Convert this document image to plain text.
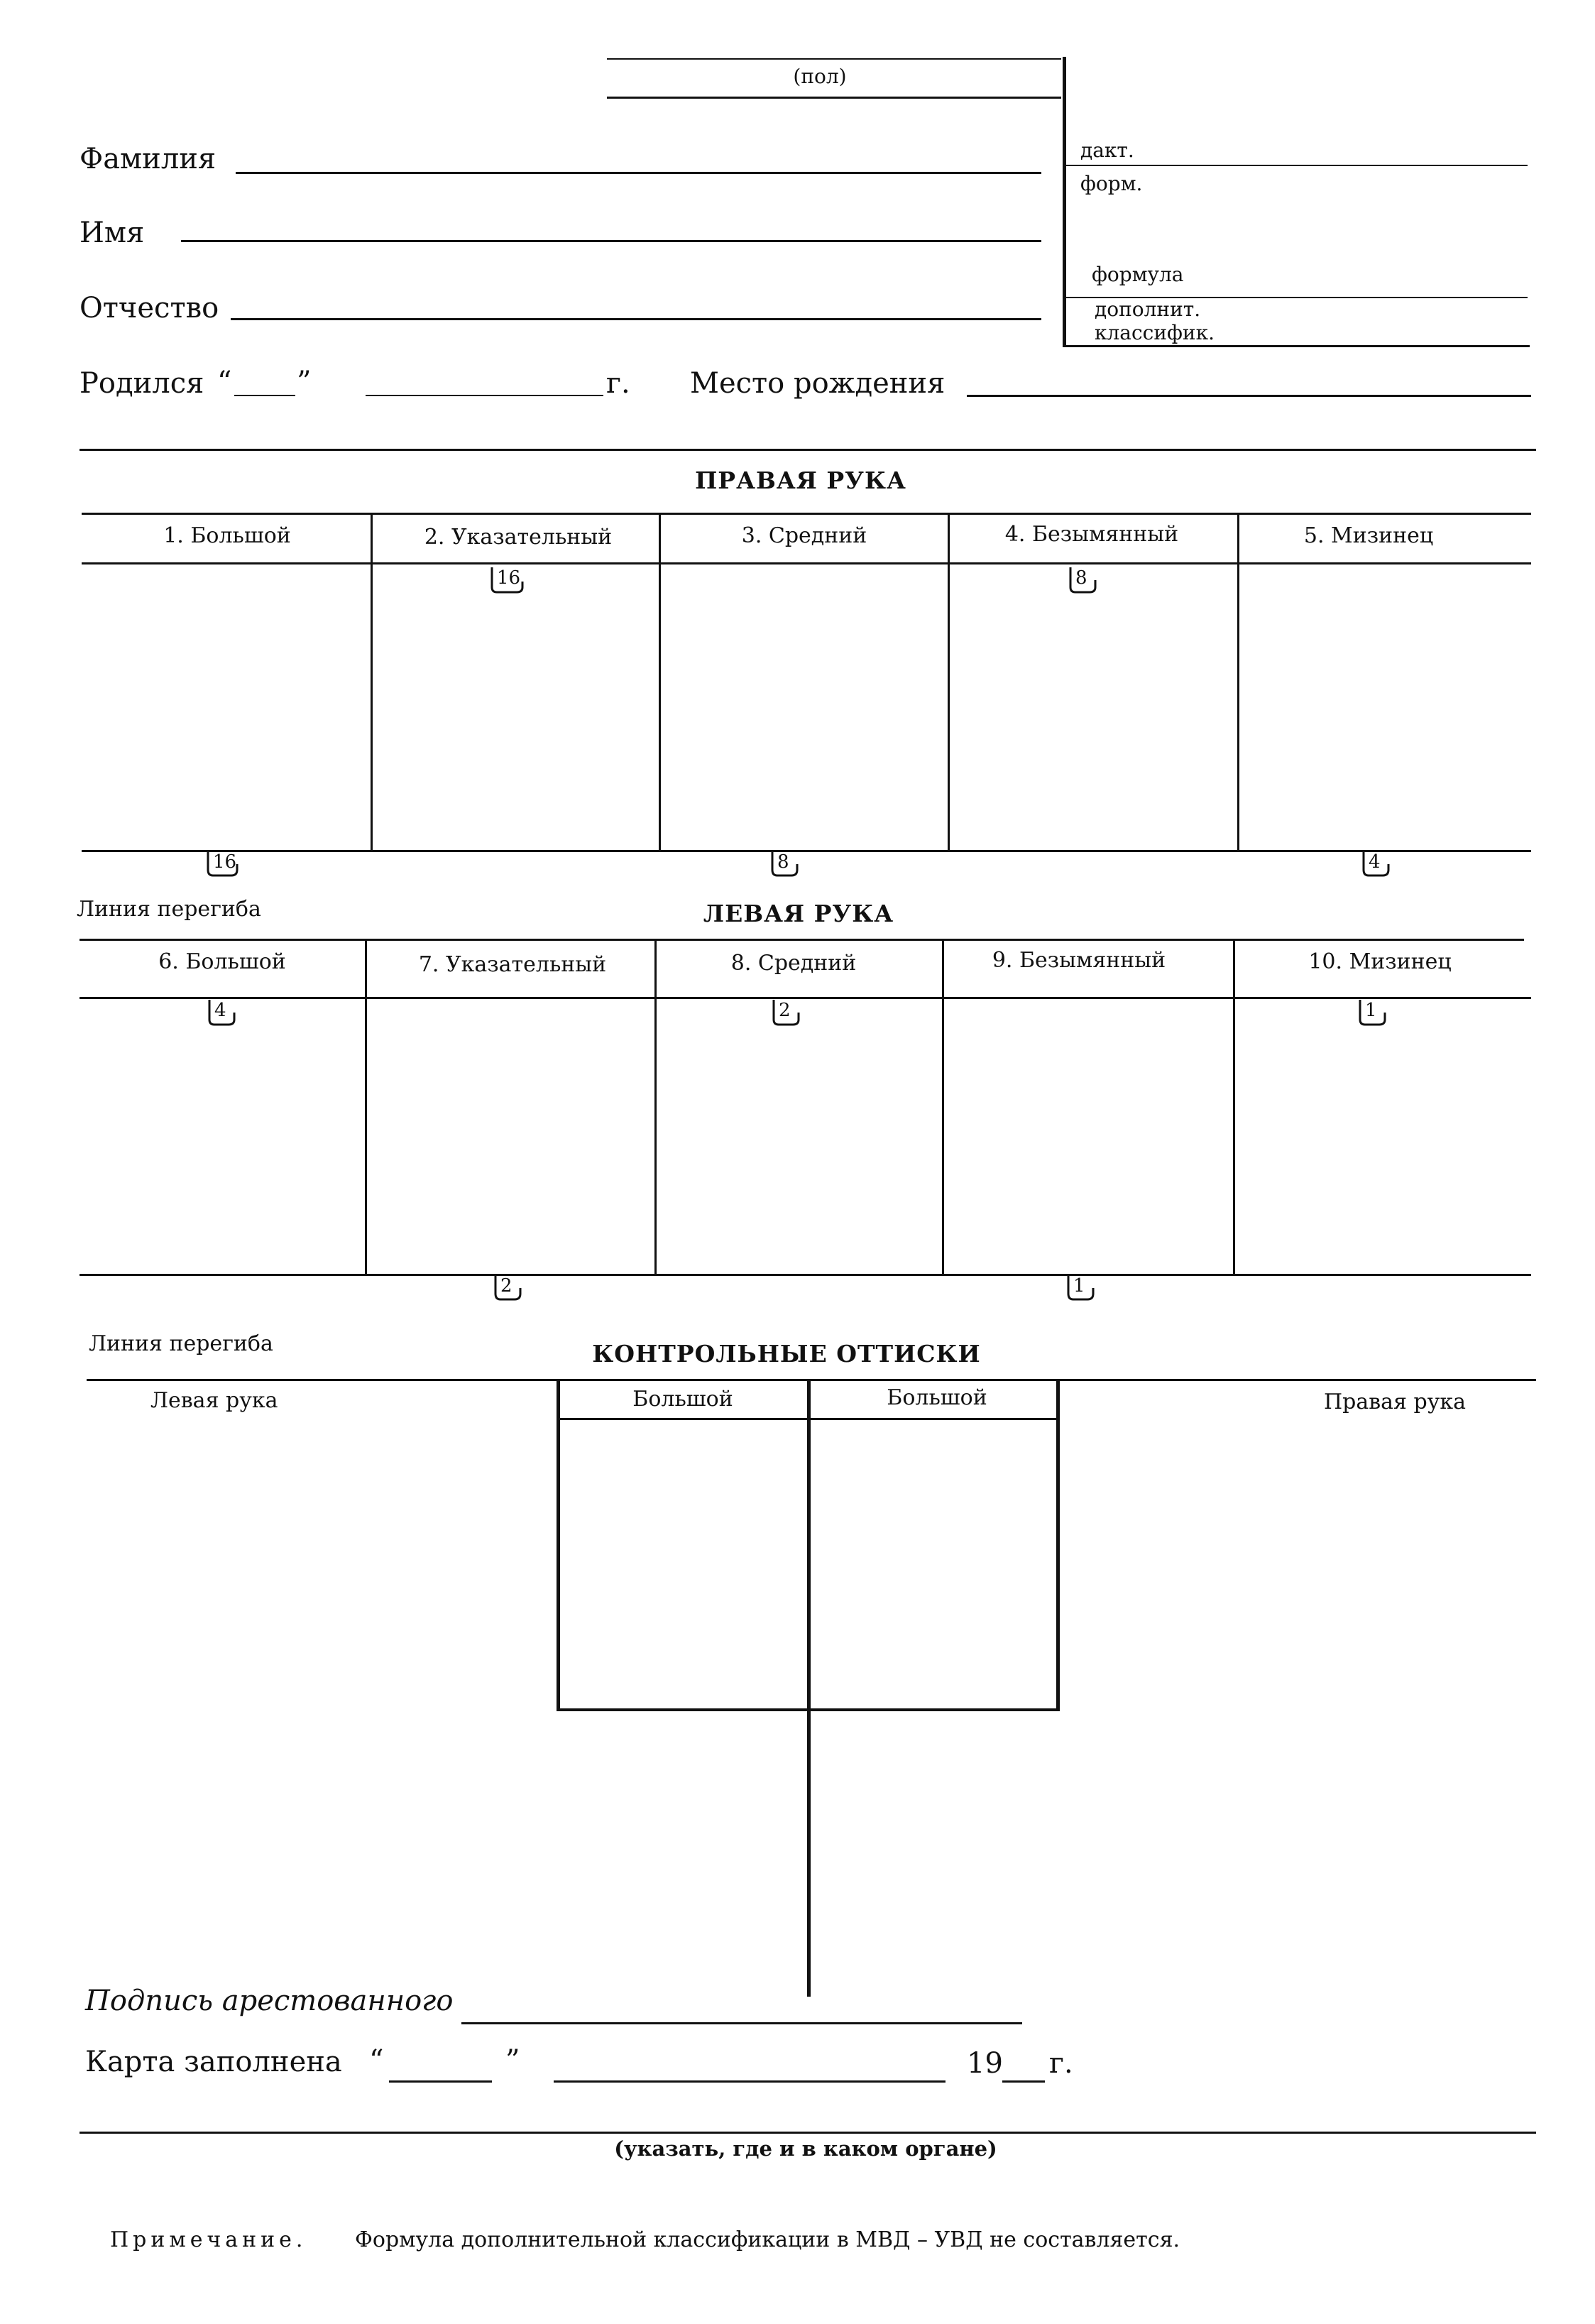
(пол)
дакт.
форм.
формула
дополнит.
классифик.
Фамилия
Имя
Отчество
Родился “ ”	г. Место рождения
ПРАВАЯ РУКА
1. Большой	2. Указательный	3. Средний	4. Безымянный	5. Мизинец
16	8
16	8	4
Линия перегиба	ЛЕВАЯ РУКА
6. Большой	7. Указательный	8. Средний	9. Безымянный	10. Мизинец
4	2	1
2	1
Линия перегиба	КОНТРОЛЬНЫЕ ОТТИСКИ
Левая рука	Правая рука
Большой	Большой
Подпись арестованного
Карта заполнена “	”	19 г.
(указать, где и в каком органе)
Примечание. Формула дополнительной классификации в МВД – УВД не составляется.
